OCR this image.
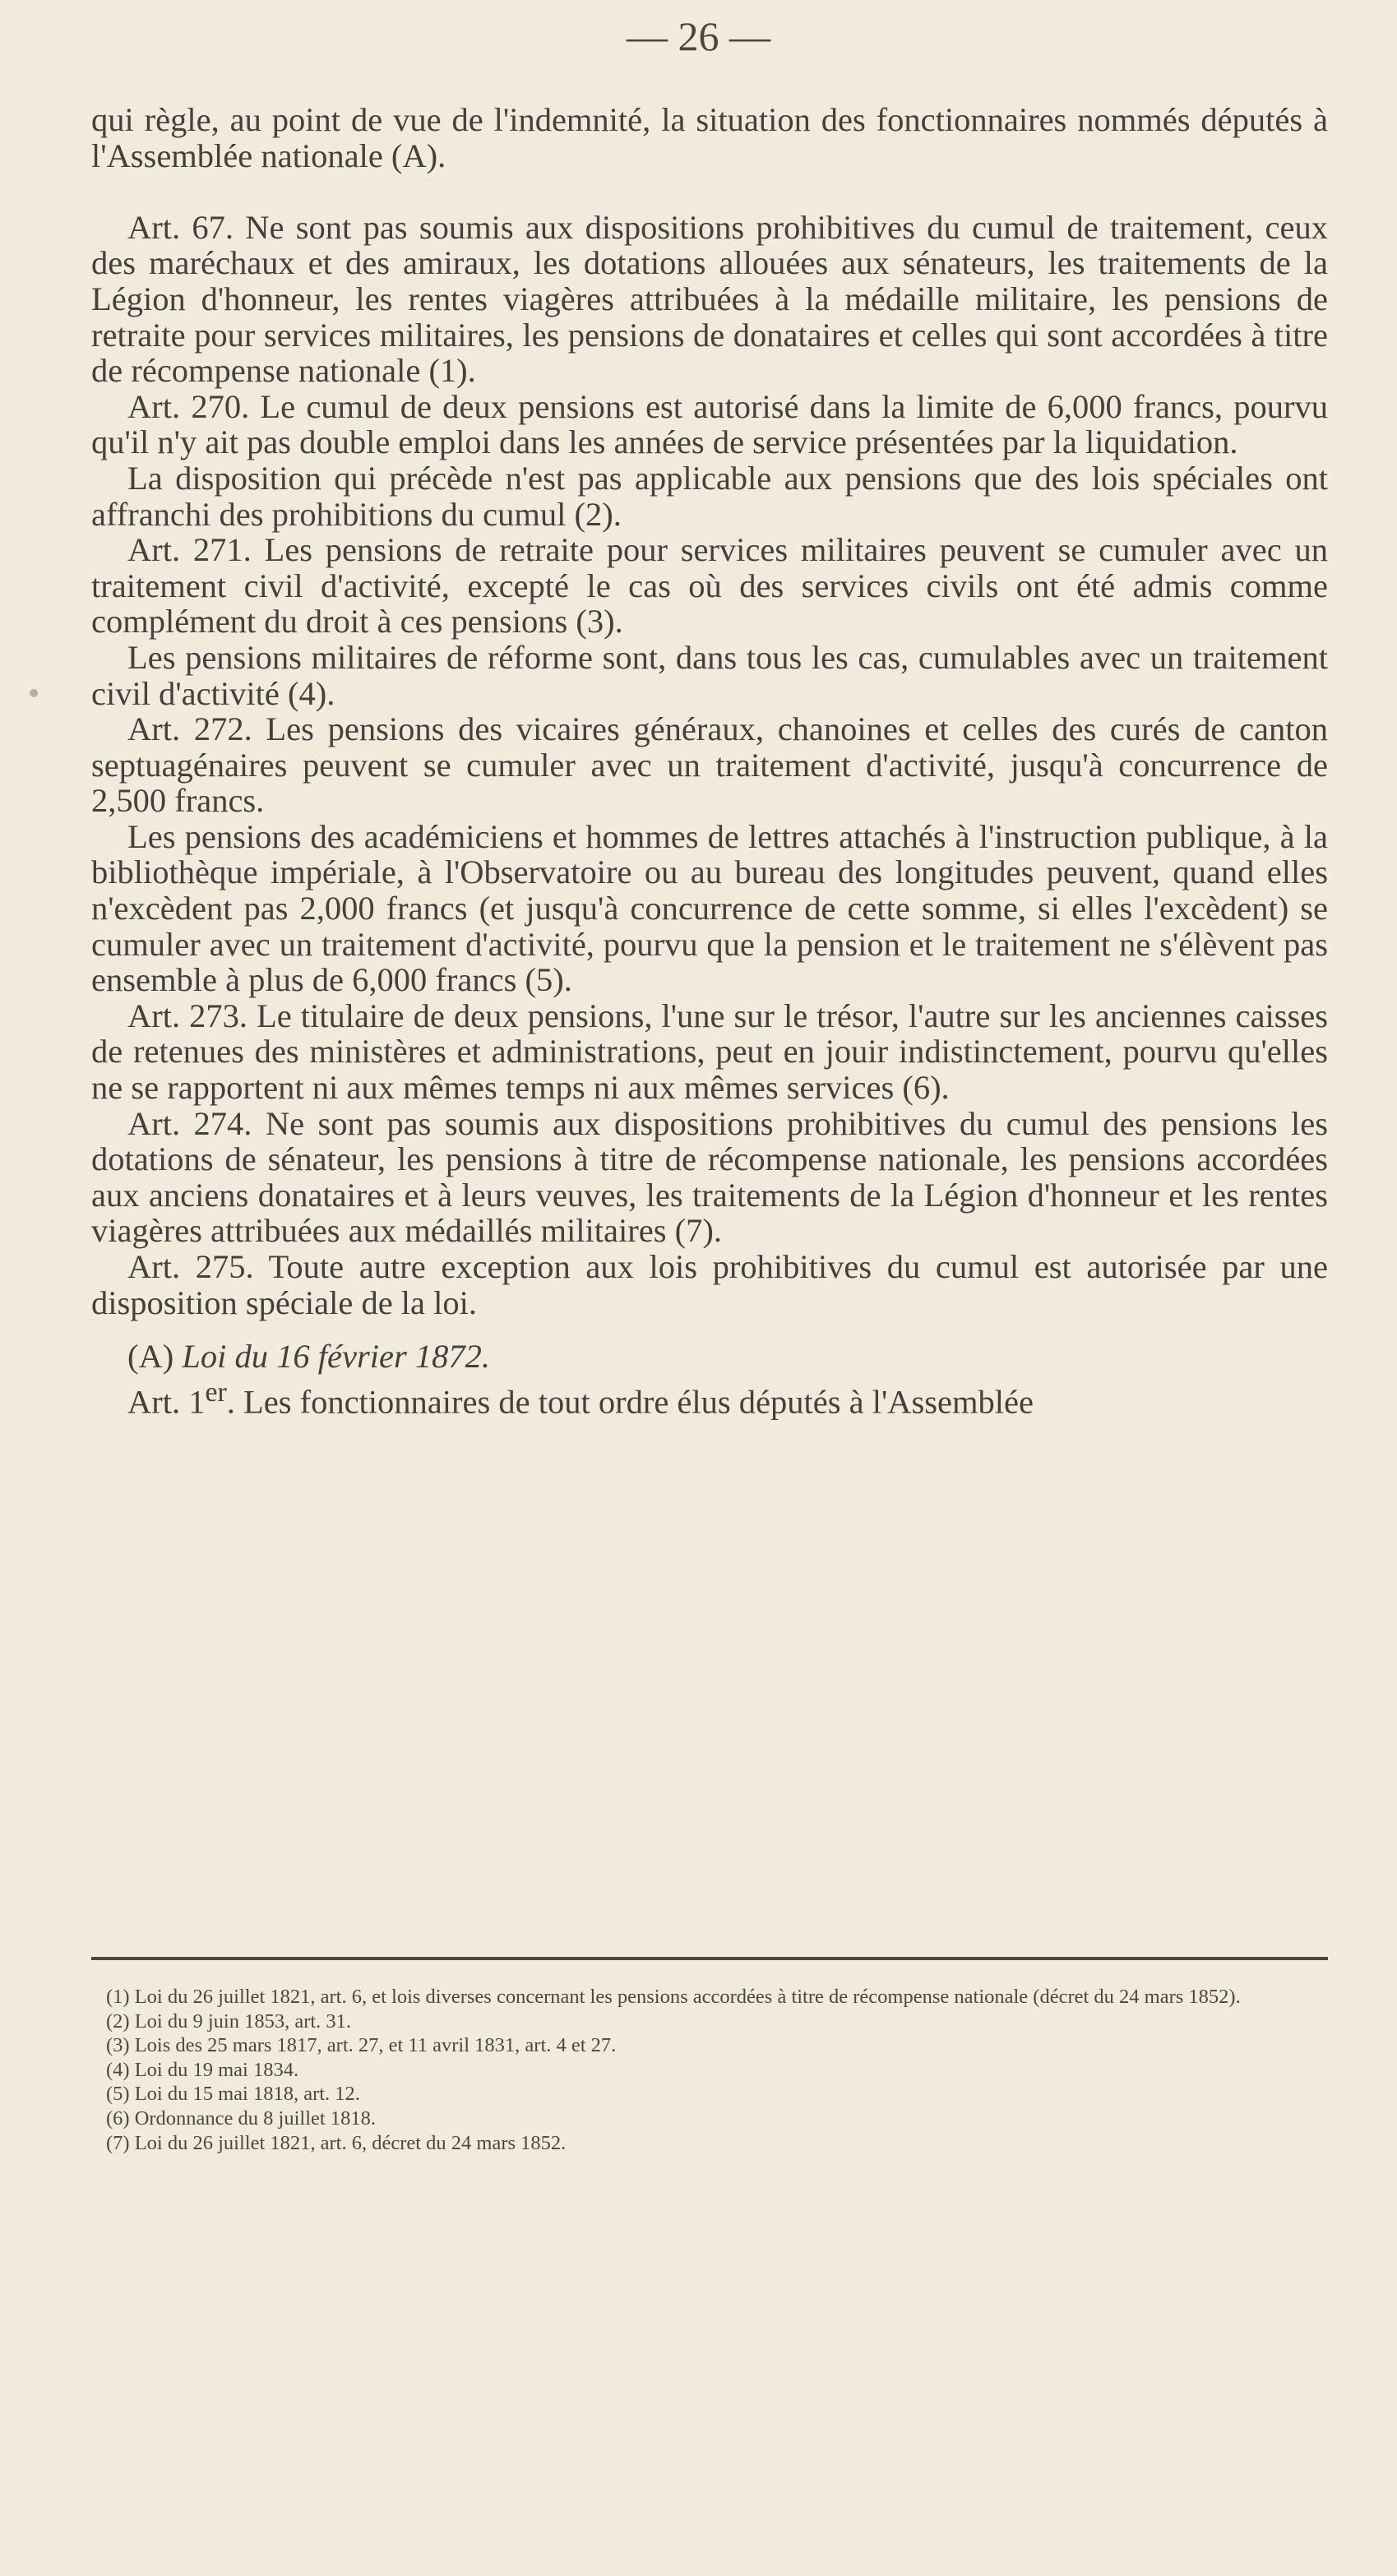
— 26 —

qui règle, au point de vue de l'indemnité, la situation des fonctionnaires nommés députés à l'Assemblée nationale (A).

Art. 67. Ne sont pas soumis aux dispositions prohibitives du cumul de traitement, ceux des maréchaux et des amiraux, les dotations allouées aux sénateurs, les traitements de la Légion d'honneur, les rentes viagères attribuées à la médaille militaire, les pensions de retraite pour services militaires, les pensions de donataires et celles qui sont accordées à titre de récompense nationale (1).

Art. 270. Le cumul de deux pensions est autorisé dans la limite de 6,000 francs, pourvu qu'il n'y ait pas double emploi dans les années de service présentées par la liquidation.

La disposition qui précède n'est pas applicable aux pensions que des lois spéciales ont affranchi des prohibitions du cumul (2).

Art. 271. Les pensions de retraite pour services militaires peuvent se cumuler avec un traitement civil d'activité, excepté le cas où des services civils ont été admis comme complément du droit à ces pensions (3).

Les pensions militaires de réforme sont, dans tous les cas, cumulables avec un traitement civil d'activité (4).

Art. 272. Les pensions des vicaires généraux, chanoines et celles des curés de canton septuagénaires peuvent se cumuler avec un traitement d'activité, jusqu'à concurrence de 2,500 francs.

Les pensions des académiciens et hommes de lettres attachés à l'instruction publique, à la bibliothèque impériale, à l'Observatoire ou au bureau des longitudes peuvent, quand elles n'excèdent pas 2,000 francs (et jusqu'à concurrence de cette somme, si elles l'excèdent) se cumuler avec un traitement d'activité, pourvu que la pension et le traitement ne s'élèvent pas ensemble à plus de 6,000 francs (5).

Art. 273. Le titulaire de deux pensions, l'une sur le trésor, l'autre sur les anciennes caisses de retenues des ministères et administrations, peut en jouir indistinctement, pourvu qu'elles ne se rapportent ni aux mêmes temps ni aux mêmes services (6).

Art. 274. Ne sont pas soumis aux dispositions prohibitives du cumul des pensions les dotations de sénateur, les pensions à titre de récompense nationale, les pensions accordées aux anciens donataires et à leurs veuves, les traitements de la Légion d'honneur et les rentes viagères attribuées aux médaillés militaires (7).

Art. 275. Toute autre exception aux lois prohibitives du cumul est autorisée par une disposition spéciale de la loi.

(A) Loi du 16 février 1872.

Art. 1er. Les fonctionnaires de tout ordre élus députés à l'Assemblée

(1) Loi du 26 juillet 1821, art. 6, et lois diverses concernant les pensions accordées à titre de récompense nationale (décret du 24 mars 1852).

(2) Loi du 9 juin 1853, art. 31.

(3) Lois des 25 mars 1817, art. 27, et 11 avril 1831, art. 4 et 27.

(4) Loi du 19 mai 1834.

(5) Loi du 15 mai 1818, art. 12.

(6) Ordonnance du 8 juillet 1818.

(7) Loi du 26 juillet 1821, art. 6, décret du 24 mars 1852.
